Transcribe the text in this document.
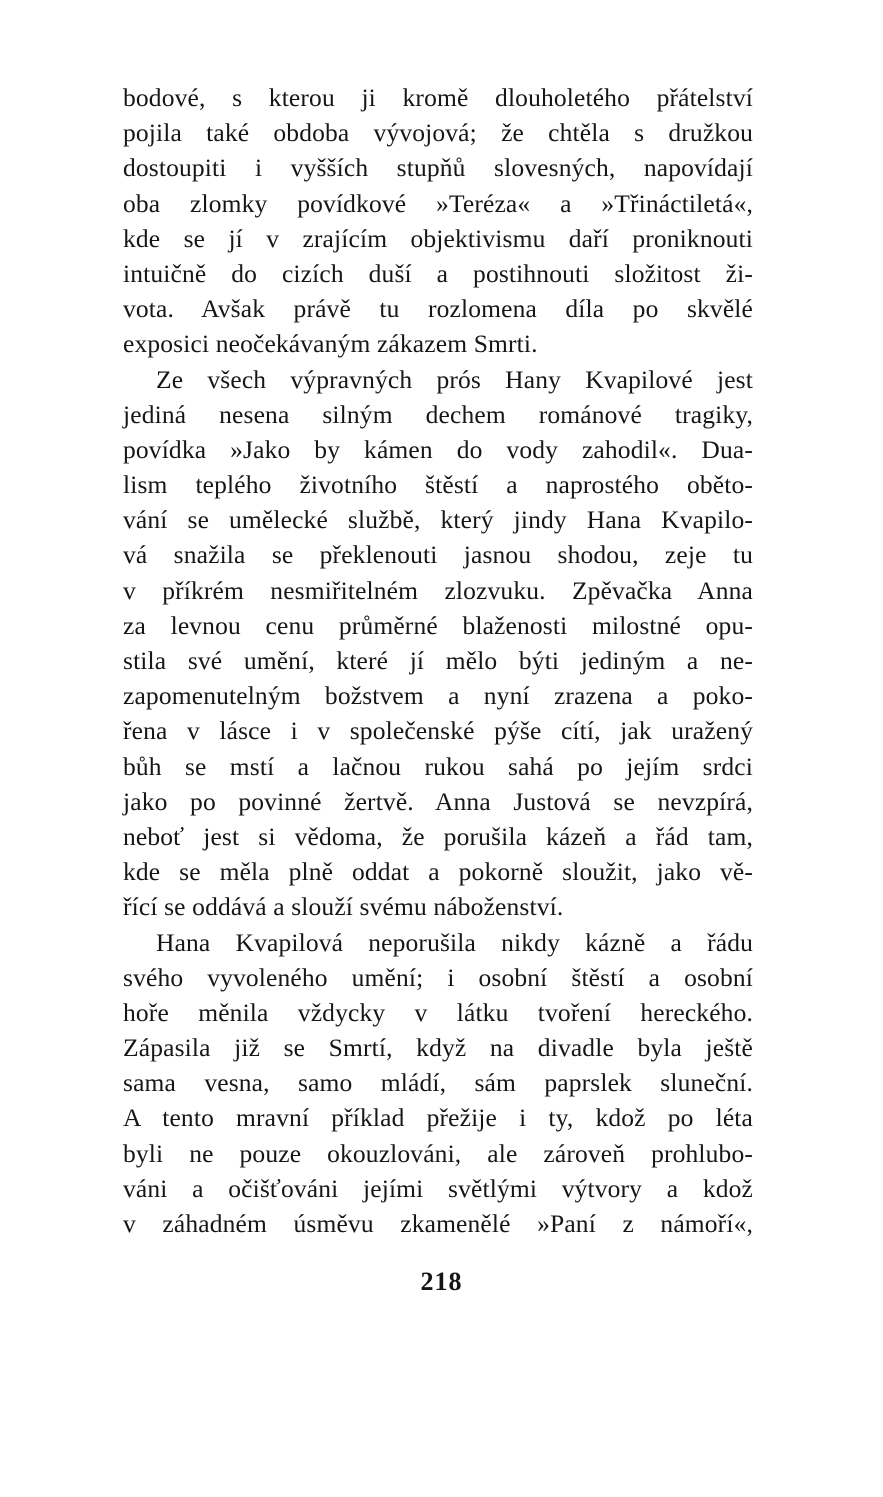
bodové, s kterou ji kromě dlouholetého přátelství
pojila také obdoba vývojová; že chtěla s družkou
dostoupiti i vyšších stupňů slovesných, napovídají
oba zlomky povídkové »Teréza« a »Třináctiletá«,
kde se jí v zrajícím objektivismu daří proniknouti
intuičně do cizích duší a postihnouti složitost ži-
vota. Avšak právě tu rozlomena díla po skvělé
exposici neočekávaným zákazem Smrti.
Ze všech výpravných prós Hany Kvapilové jest
jediná nesena silným dechem románové tragiky,
povídka »Jako by kámen do vody zahodil«. Dua-
lism teplého životního štěstí a naprostého oběto-
vání se umělecké službě, který jindy Hana Kvapilo-
vá snažila se překlenouti jasnou shodou, zeje tu
v příkrém nesmiřitelném zlozvuku. Zpěvačka Anna
za levnou cenu průměrné blaženosti milostné opu-
stila své umění, které jí mělo býti jediným a ne-
zapomenutelným božstvem a nyní zrazena a poko-
řena v lásce i v společenské pýše cítí, jak uražený
bůh se mstí a lačnou rukou sahá po jejím srdci
jako po povinné žertvě. Anna Justová se nevzpírá,
neboť jest si vědoma, že porušila kázeň a řád tam,
kde se měla plně oddat a pokorně sloužit, jako vě-
řící se oddává a slouží svému náboženství.
Hana Kvapilová neporušila nikdy kázně a řádu
svého vyvoleného umění; i osobní štěstí a osobní
hoře měnila vždycky v látku tvoření hereckého.
Zápasila již se Smrtí, když na divadle byla ještě
sama vesna, samo mládí, sám paprslek sluneční.
A tento mravní příklad přežije i ty, kdož po léta
byli ne pouze okouzlováni, ale zároveň prohlubo-
váni a očišťováni jejími světlými výtvory a kdož
v záhadném úsměvu zkamenělé »Paní z námoří«,
218
